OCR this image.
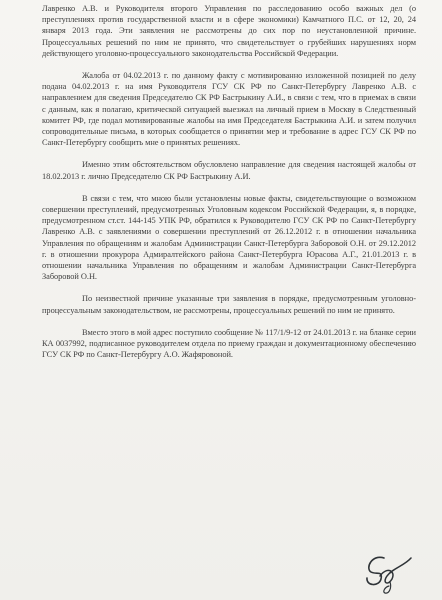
Лавренко А.В. и Руководителя второго Управления по расследованию особо важных дел (о преступлениях против государственной власти и в сфере экономики) Камчатного П.С. от 12, 20, 24 января 2013 года. Эти заявления не рассмотрены до сих пор по неустановленной причине. Процессуальных решений по ним не принято, что свидетельствует о грубейших нарушениях норм действующего уголовно-процессуального законодательства Российской Федерации.

Жалоба от 04.02.2013 г. по данному факту с мотивированно изложенной позицией по делу подана 04.02.2013 г. на имя Руководителя ГСУ СК РФ по Санкт-Петербургу Лавренко А.В. с направлением для сведения Председателю СК РФ Бастрыкину А.И., в связи с тем, что в приемах в связи с данным, как я полагаю, критической ситуацией выезжал на личный прием в Москву в Следственный комитет РФ, где подал мотивированные жалобы на имя Председателя Бастрыкина А.И. и затем получил сопроводительные письма, в которых сообщается о принятии мер и требование в адрес ГСУ СК РФ по Санкт-Петербургу сообщить мне о принятых решениях.

Именно этим обстоятельством обусловлено направление для сведения настоящей жалобы от 18.02.2013 г. лично Председателю СК РФ Бастрыкину А.И.

В связи с тем, что мною были установлены новые факты, свидетельствующие о возможном совершении преступлений, предусмотренных Уголовным кодексом Российской Федерации, я, в порядке, предусмотренном ст.ст. 144-145 УПК РФ, обратился к Руководителю ГСУ СК РФ по Санкт-Петербургу Лавренко А.В. с заявлениями о совершении преступлений от 26.12.2012 г. в отношении начальника Управления по обращениям и жалобам Администрации Санкт-Петербурга Заборовой О.Н. от 29.12.2012 г. в отношении прокурора Адмиралтейского района Санкт-Петербурга Юрасова А.Г., 21.01.2013 г. в отношении начальника Управления по обращениям и жалобам Администрации Санкт-Петербурга Заборовой О.Н.

По неизвестной причине указанные три заявления в порядке, предусмотренным уголовно-процессуальным законодательством, не рассмотрены, процессуальных решений по ним не принято.

Вместо этого в мой адрес поступило сообщение № 117/1/9-12 от 24.01.2013 г. на бланке серии КА 0037992, подписанное руководителем отдела по приему граждан и документационному обеспечению ГСУ СК РФ по Санкт-Петербургу А.О. Жафяровоной.
